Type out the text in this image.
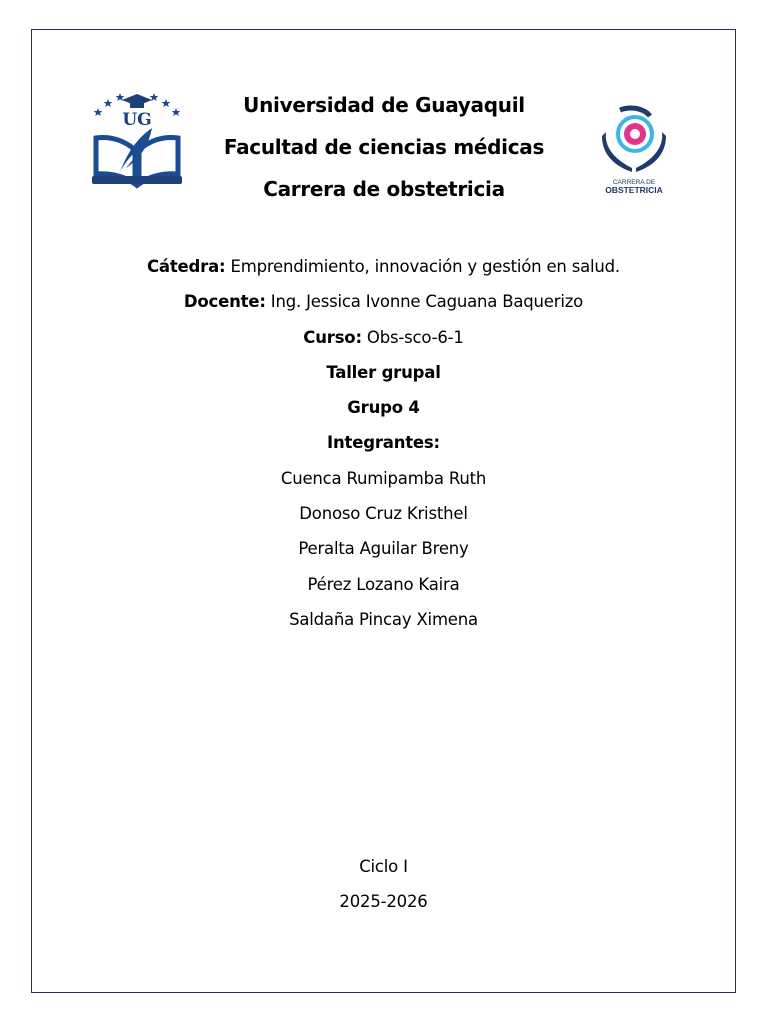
UG
CARRERA DE
OBSTETRICIA
Universidad de Guayaquil
Facultad de ciencias médicas
Carrera de obstetricia
Cátedra: Emprendimiento, innovación y gestión en salud.
Docente: Ing. Jessica Ivonne Caguana Baquerizo
Curso: Obs-sco-6-1
Taller grupal
Grupo 4
Integrantes:
Cuenca Rumipamba Ruth
Donoso Cruz Kristhel
Peralta Aguilar Breny
Pérez Lozano Kaira
Saldaña Pincay Ximena
Ciclo I
2025-2026
